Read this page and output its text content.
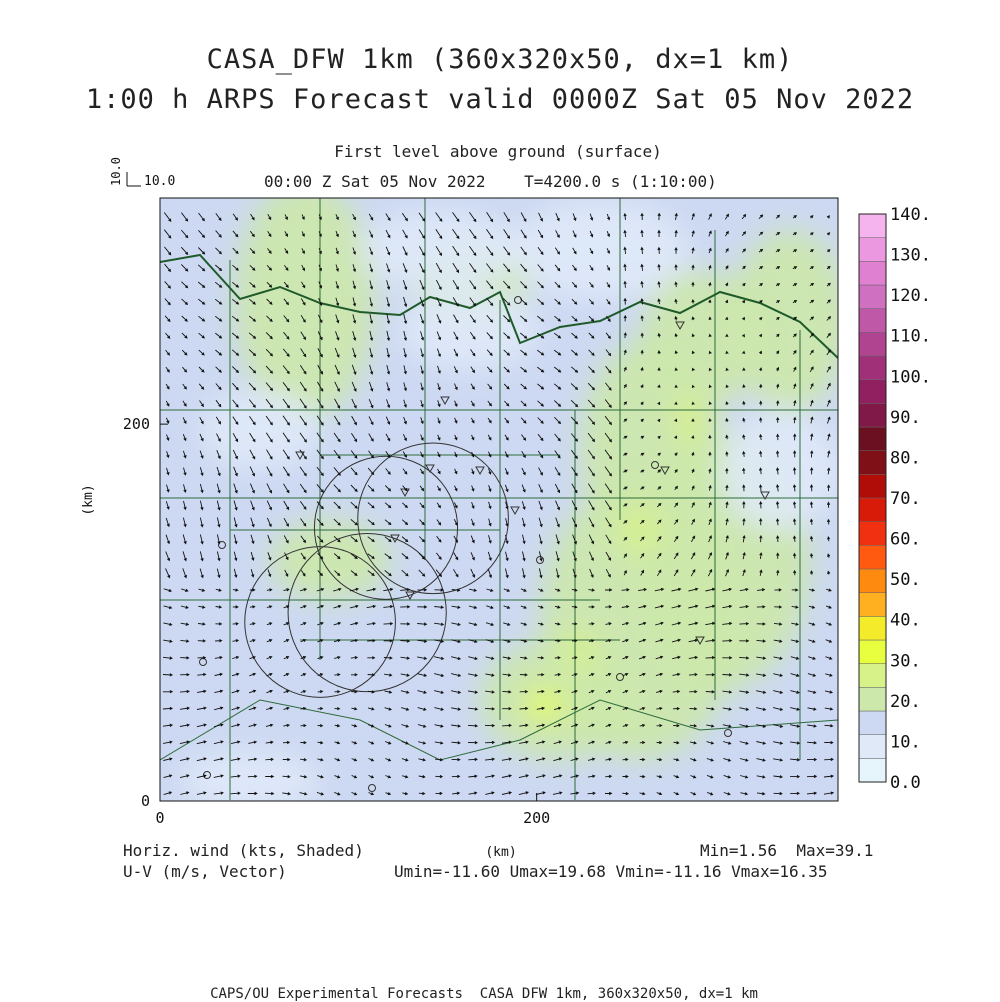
CASA_DFW 1km (360x320x50, dx=1 km)
1:00 h ARPS Forecast valid 0000Z Sat 05 Nov 2022
First level above ground (surface)
00:00 Z Sat 05 Nov 2022    T=4200.0 s (1:10:00)
10.0 10.0
0	200
0
200
(km)
(km)
0.0
10.
20.
30.
40.
50.
60.
70.
80.
90.
100.
110.
120.
130.
140.
Horiz. wind (kts, Shaded)
U-V (m/s, Vector)
Min=1.56  Max=39.1
Umin=-11.60 Umax=19.68 Vmin=-11.16 Vmax=16.35
CAPS/OU Experimental Forecasts  CASA DFW 1km, 360x320x50, dx=1 km
